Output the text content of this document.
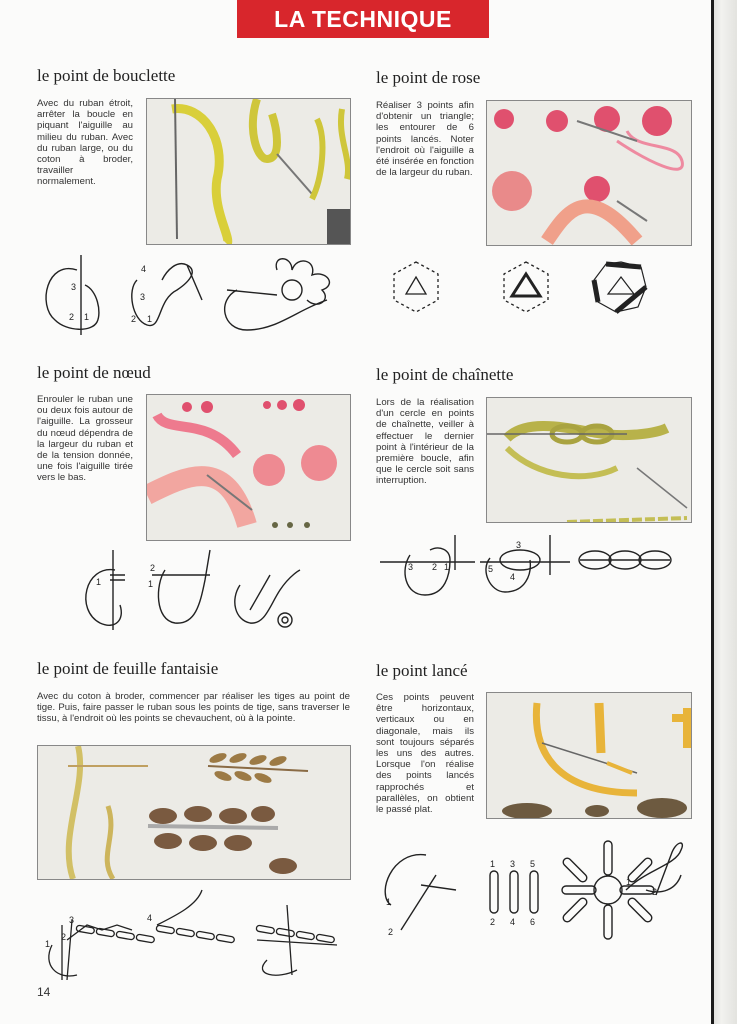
LA TECHNIQUE
le point de bouclette
Avec du ruban étroit, arrêter la boucle en piquant l'aiguille au milieu du ruban. Avec du ruban large, ou du coton à broder, travailler normalement.
3
2 1
4
3
2 1
le point de rose
Réaliser 3 points afin d'obtenir un triangle; les entourer de 6 points lancés. Noter l'endroit où l'aiguille a été insérée en fonction de la largeur du ruban.
le point de nœud
Enrouler le ruban une ou deux fois autour de l'aiguille. La grosseur du nœud dépendra de la largeur du ruban et de la tension donnée, une fois l'aiguille tirée vers le bas.
1
2
1
le point de chaînette
Lors de la réalisation d'un cercle en points de chaînette, veiller à effectuer le dernier point à l'intérieur de la première boucle, afin que le cercle soit sans interruption.
3 2 1
3
5
4
le point de feuille fantaisie
Avec du coton à broder, commencer par réaliser les tiges au point de tige. Puis, faire passer le ruban sous les points de tige, sans traverser le tissu, à l'endroit où les points se chevauchent, où à la pointe.
3
2
1
4
le point lancé
Ces points peuvent être horizontaux, verticaux ou en diagonale, mais ils sont toujours séparés les uns des autres. Lorsque l'on réalise des points lancés rapprochés et parallèles, on obtient le passé plat.
1
2
1 3 5
2 4 6
1
2
14
